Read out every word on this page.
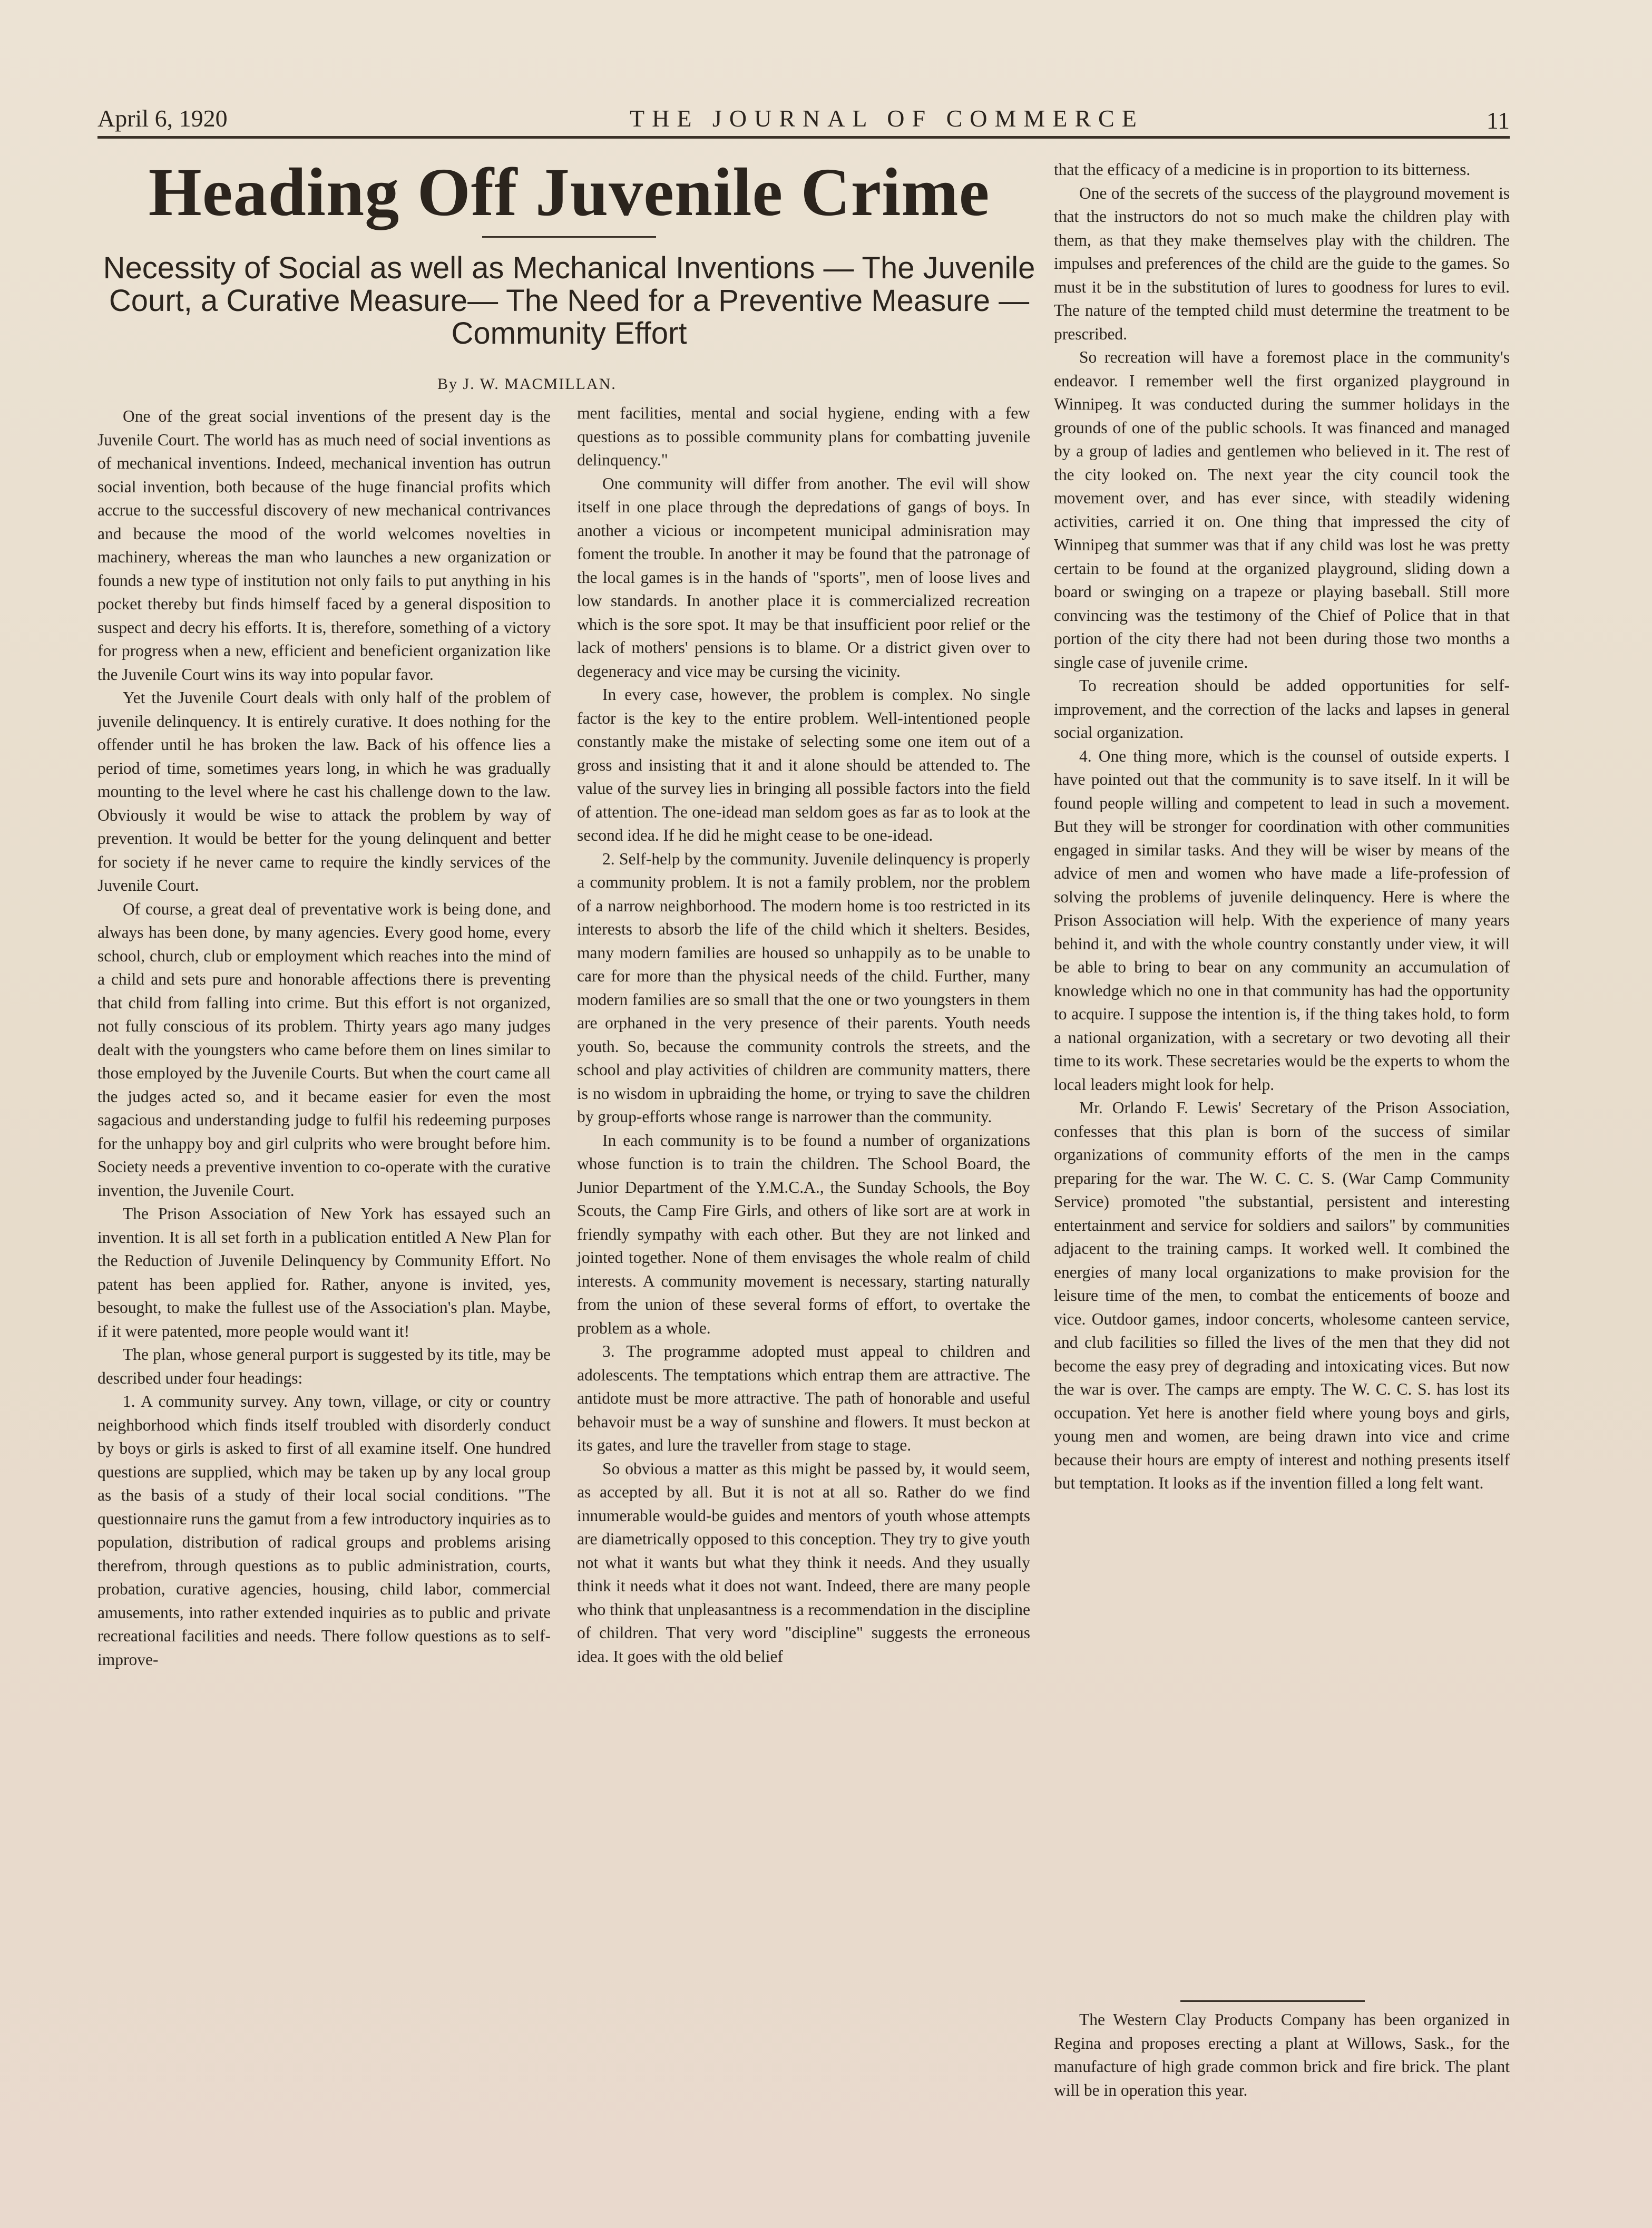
April 6, 1920	THE JOURNAL OF COMMERCE	11
Heading Off Juvenile Crime
Necessity of Social as well as Mechanical Inventions — The Juvenile Court, a Curative Measure— The Need for a Preventive Measure —Community Effort
By J. W. MACMILLAN.

One of the great social inventions of the present day is the Juvenile Court. The world has as much need of social inventions as of mechanical inventions. Indeed, mechanical invention has outrun social invention, both because of the huge financial profits which accrue to the successful discovery of new mechanical contrivances and because the mood of the world welcomes novelties in machinery, whereas the man who launches a new organization or founds a new type of institution not only fails to put anything in his pocket thereby but finds himself faced by a general disposition to suspect and decry his efforts. It is, therefore, something of a victory for progress when a new, efficient and beneficient organization like the Juvenile Court wins its way into popular favor.

Yet the Juvenile Court deals with only half of the problem of juvenile delinquency. It is entirely curative. It does nothing for the offender until he has broken the law. Back of his offence lies a period of time, sometimes years long, in which he was gradually mounting to the level where he cast his challenge down to the law. Obviously it would be wise to attack the problem by way of prevention. It would be better for the young delinquent and better for society if he never came to require the kindly services of the Juvenile Court.

Of course, a great deal of preventative work is being done, and always has been done, by many agencies. Every good home, every school, church, club or employment which reaches into the mind of a child and sets pure and honorable affections there is preventing that child from falling into crime. But this effort is not organized, not fully conscious of its problem. Thirty years ago many judges dealt with the youngsters who came before them on lines similar to those employed by the Juvenile Courts. But when the court came all the judges acted so, and it became easier for even the most sagacious and understanding judge to fulfil his redeeming purposes for the unhappy boy and girl culprits who were brought before him. Society needs a preventive invention to co-operate with the curative invention, the Juvenile Court.

The Prison Association of New York has essayed such an invention. It is all set forth in a publication entitled A New Plan for the Reduction of Juvenile Delinquency by Community Effort. No patent has been applied for. Rather, anyone is invited, yes, besought, to make the fullest use of the Association's plan. Maybe, if it were patented, more people would want it!

The plan, whose general purport is suggested by its title, may be described under four headings:

1. A community survey. Any town, village, or city or country neighborhood which finds itself troubled with disorderly conduct by boys or girls is asked to first of all examine itself. One hundred questions are supplied, which may be taken up by any local group as the basis of a study of their local social conditions. "The questionnaire runs the gamut from a few introductory inquiries as to population, distribution of radical groups and problems arising therefrom, through questions as to public administration, courts, probation, curative agencies, housing, child labor, commercial amusements, into rather extended inquiries as to public and private recreational facilities and needs. There follow questions as to self-improve-

ment facilities, mental and social hygiene, ending with a few questions as to possible community plans for combatting juvenile delinquency."

One community will differ from another. The evil will show itself in one place through the depredations of gangs of boys. In another a vicious or incompetent municipal adminisration may foment the trouble. In another it may be found that the patronage of the local games is in the hands of "sports", men of loose lives and low standards. In another place it is commercialized recreation which is the sore spot. It may be that insufficient poor relief or the lack of mothers' pensions is to blame. Or a district given over to degeneracy and vice may be cursing the vicinity.

In every case, however, the problem is complex. No single factor is the key to the entire problem. Well-intentioned people constantly make the mistake of selecting some one item out of a gross and insisting that it and it alone should be attended to. The value of the survey lies in bringing all possible factors into the field of attention. The one-idead man seldom goes as far as to look at the second idea. If he did he might cease to be one-idead.

2. Self-help by the community. Juvenile delinquency is properly a community problem. It is not a family problem, nor the problem of a narrow neighborhood. The modern home is too restricted in its interests to absorb the life of the child which it shelters. Besides, many modern families are housed so unhappily as to be unable to care for more than the physical needs of the child. Further, many modern families are so small that the one or two youngsters in them are orphaned in the very presence of their parents. Youth needs youth. So, because the community controls the streets, and the school and play activities of children are community matters, there is no wisdom in upbraiding the home, or trying to save the children by group-efforts whose range is narrower than the community.

In each community is to be found a number of organizations whose function is to train the children. The School Board, the Junior Department of the Y.M.C.A., the Sunday Schools, the Boy Scouts, the Camp Fire Girls, and others of like sort are at work in friendly sympathy with each other. But they are not linked and jointed together. None of them envisages the whole realm of child interests. A community movement is necessary, starting naturally from the union of these several forms of effort, to overtake the problem as a whole.

3. The programme adopted must appeal to children and adolescents. The temptations which entrap them are attractive. The antidote must be more attractive. The path of honorable and useful behavoir must be a way of sunshine and flowers. It must beckon at its gates, and lure the traveller from stage to stage.

So obvious a matter as this might be passed by, it would seem, as accepted by all. But it is not at all so. Rather do we find innumerable would-be guides and mentors of youth whose attempts are diametrically opposed to this conception. They try to give youth not what it wants but what they think it needs. And they usually think it needs what it does not want. Indeed, there are many people who think that unpleasantness is a recommendation in the discipline of children. That very word "discipline" suggests the erroneous idea. It goes with the old belief

that the efficacy of a medicine is in proportion to its bitterness.

One of the secrets of the success of the playground movement is that the instructors do not so much make the children play with them, as that they make themselves play with the children. The impulses and preferences of the child are the guide to the games. So must it be in the substitution of lures to goodness for lures to evil. The nature of the tempted child must determine the treatment to be prescribed.

So recreation will have a foremost place in the community's endeavor. I remember well the first organized playground in Winnipeg. It was conducted during the summer holidays in the grounds of one of the public schools. It was financed and managed by a group of ladies and gentlemen who believed in it. The rest of the city looked on. The next year the city council took the movement over, and has ever since, with steadily widening activities, carried it on. One thing that impressed the city of Winnipeg that summer was that if any child was lost he was pretty certain to be found at the organized playground, sliding down a board or swinging on a trapeze or playing baseball. Still more convincing was the testimony of the Chief of Police that in that portion of the city there had not been during those two months a single case of juvenile crime.

To recreation should be added opportunities for self-improvement, and the correction of the lacks and lapses in general social organization.

4. One thing more, which is the counsel of outside experts. I have pointed out that the community is to save itself. In it will be found people willing and competent to lead in such a movement. But they will be stronger for coordination with other communities engaged in similar tasks. And they will be wiser by means of the advice of men and women who have made a life-profession of solving the problems of juvenile delinquency. Here is where the Prison Association will help. With the experience of many years behind it, and with the whole country constantly under view, it will be able to bring to bear on any community an accumulation of knowledge which no one in that community has had the opportunity to acquire. I suppose the intention is, if the thing takes hold, to form a national organization, with a secretary or two devoting all their time to its work. These secretaries would be the experts to whom the local leaders might look for help.

Mr. Orlando F. Lewis' Secretary of the Prison Association, confesses that this plan is born of the success of similar organizations of community efforts of the men in the camps preparing for the war. The W. C. C. S. (War Camp Community Service) promoted "the substantial, persistent and interesting entertainment and service for soldiers and sailors" by communities adjacent to the training camps. It worked well. It combined the energies of many local organizations to make provision for the leisure time of the men, to combat the enticements of booze and vice. Outdoor games, indoor concerts, wholesome canteen service, and club facilities so filled the lives of the men that they did not become the easy prey of degrading and intoxicating vices. But now the war is over. The camps are empty. The W. C. C. S. has lost its occupation. Yet here is another field where young boys and girls, young men and women, are being drawn into vice and crime because their hours are empty of interest and nothing presents itself but temptation. It looks as if the invention filled a long felt want.

The Western Clay Products Company has been organized in Regina and proposes erecting a plant at Willows, Sask., for the manufacture of high grade common brick and fire brick. The plant will be in operation this year.
